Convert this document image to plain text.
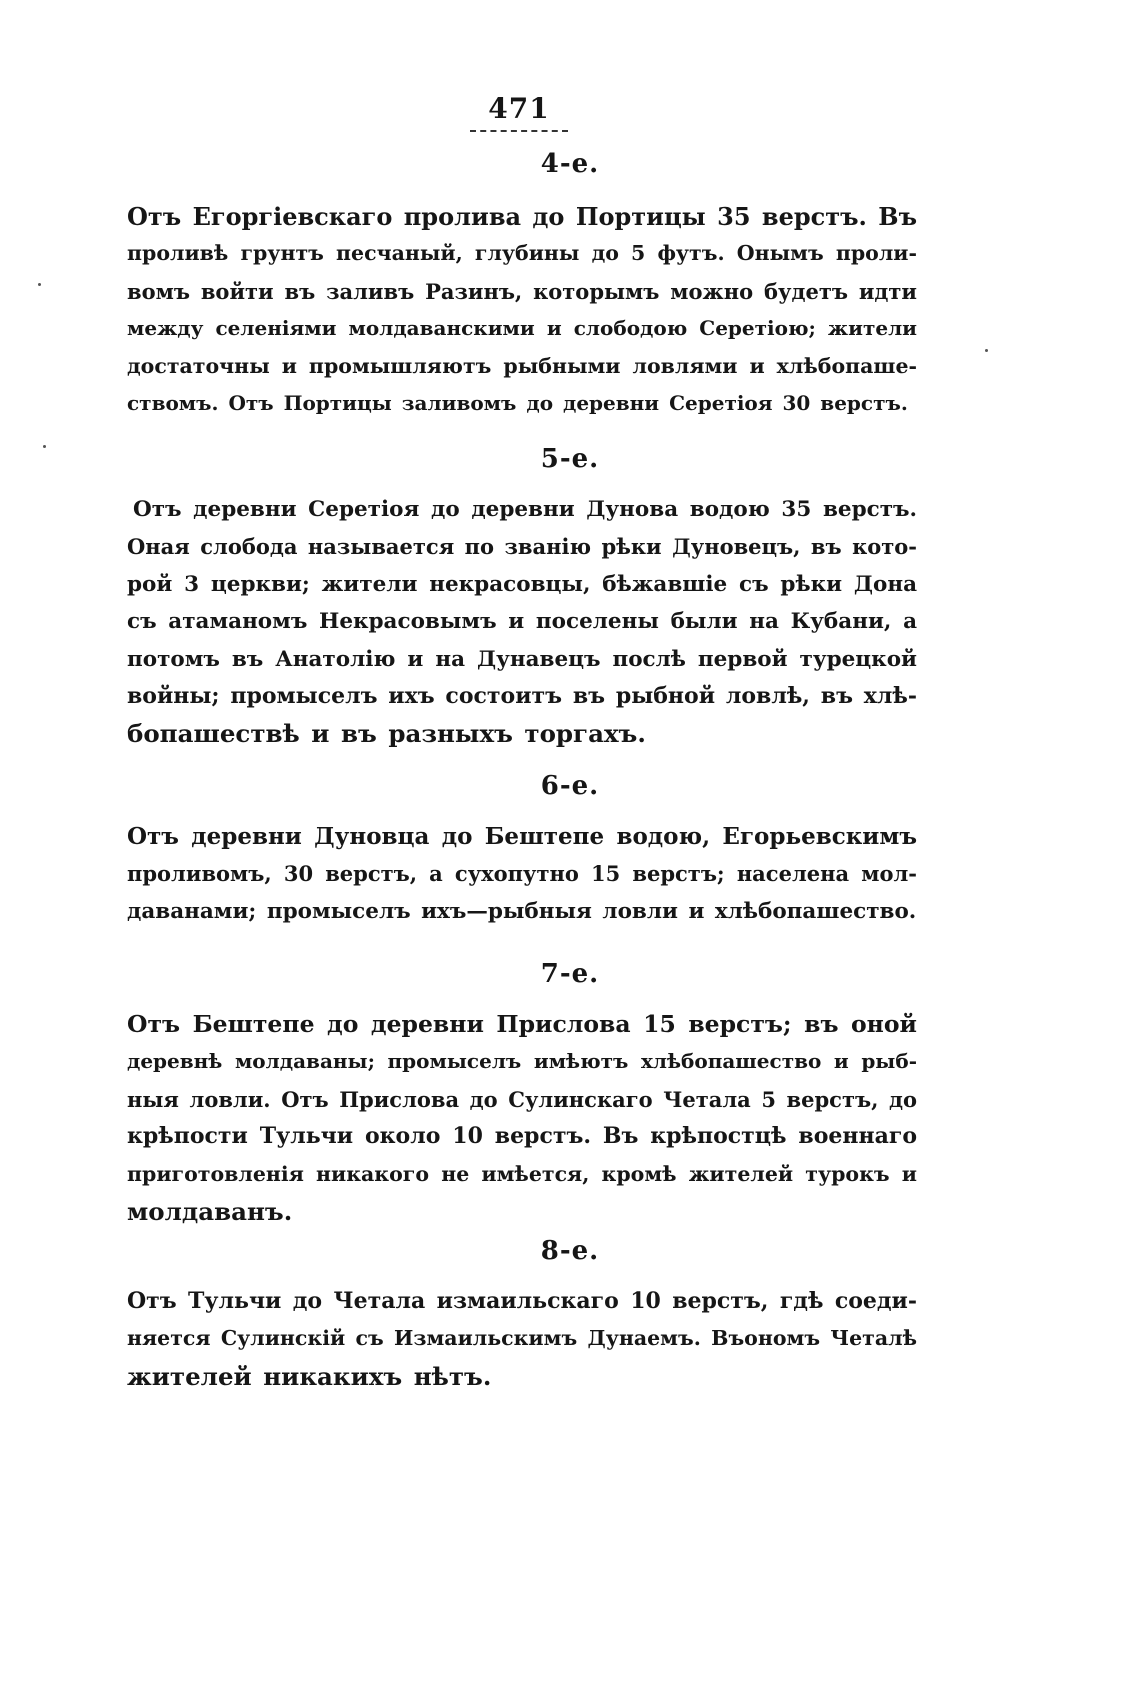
471
4-е.
Отъ Егоргіевскаго пролива до Портицы 35 верстъ. Въ
проливѣ грунтъ песчаный, глубины до 5 футъ. Онымъ проли-
вомъ войти въ заливъ Разинъ, которымъ можно будетъ идти
между селеніями молдаванскими и слободою Серетіою; жители
достаточны и промышляютъ рыбными ловлями и хлѣбопаше-
ствомъ. Отъ Портицы заливомъ до деревни Серетіоя 30 верстъ.
5-е.
Отъ деревни Серетіоя до деревни Дунова водою 35 верстъ.
Оная слобода называется по званію рѣки Дуновецъ, въ кото-
рой 3 церкви; жители некрасовцы, бѣжавшіе съ рѣки Дона
съ атаманомъ Некрасовымъ и поселены были на Кубани, а
потомъ въ Анатолію и на Дунавецъ послѣ первой турецкой
войны; промыселъ ихъ состоитъ въ рыбной ловлѣ, въ хлѣ-
бопашествѣ и въ разныхъ торгахъ.
6-е.
Отъ деревни Дуновца до Бештепе водою, Егорьевскимъ
проливомъ, 30 верстъ, а сухопутно 15 верстъ; населена мол-
даванами; промыселъ ихъ—рыбныя ловли и хлѣбопашество.
7-е.
Отъ Бештепе до деревни Прислова 15 верстъ; въ оной
деревнѣ молдаваны; промыселъ имѣютъ хлѣбопашество и рыб-
ныя ловли. Отъ Прислова до Сулинскаго Четала 5 верстъ, до
крѣпости Тульчи около 10 верстъ. Въ крѣпостцѣ военнаго
приготовленія никакого не имѣется, кромѣ жителей турокъ и
молдаванъ.
8-е.
Отъ Тульчи до Четала измаильскаго 10 верстъ, гдѣ соеди-
няется Сулинскій съ Измаильскимъ Дунаемъ. Въономъ Четалѣ
жителей никакихъ нѣтъ.
